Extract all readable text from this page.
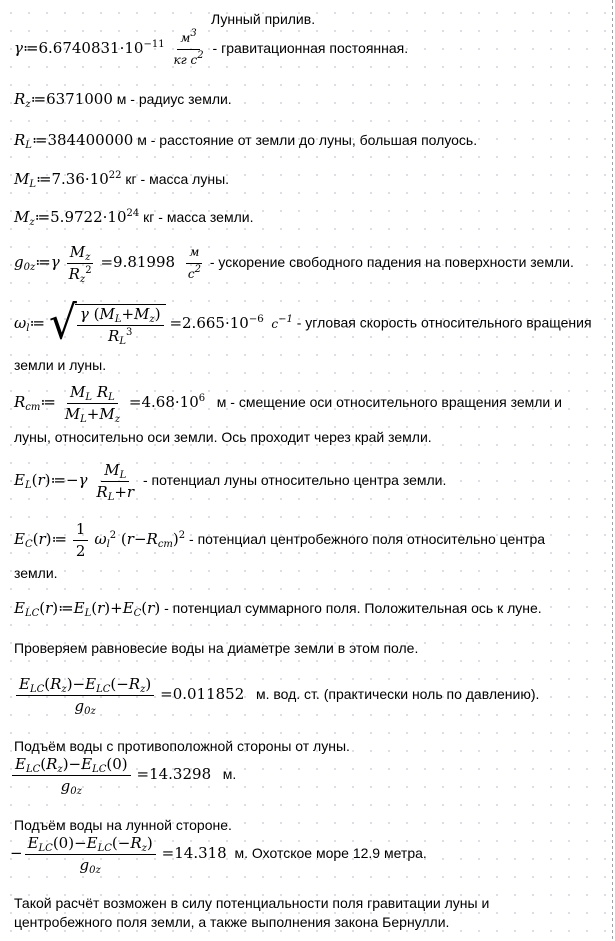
Лунный прилив.
$\gamma≔6.6740831\cdot 10^{-11} \frac{м^3}{кг с^2}$ - гравитационная постоянная.
$R_z≔6371000$ м - радиус земли.
$R_L≔384400000$ м - расстояние от земли до луны, большая полуось.
$M_L≔7.36\cdot 10^{22}$ кг - масса луны.
$M_z≔5.9722\cdot 10^{24}$ кг - масса земли.
$g_{0z}≔\gamma \frac{M_z}{R_z^2} =9.81998 \frac{м}{с^2}$ - ускорение свободного падения на поверхности земли.
$\omega_l≔$ √ $\frac{\gamma (M_L+M_z)}{R_L^3} =2.665\cdot 10^{-6}$ $с^{-1}$ - угловая скорость относительного вращения
земли и луны.
$R_{cm}≔ \frac{M_L R_L}{M_L+M_z} =4.68\cdot 10^6$ м - смещение оси относительного вращения земли и
луны, относительно оси земли. Ось проходит через край земли.
$E_L(r)≔-\gamma \frac{M_L}{R_L+r}$ - потенциал луны относительно центра земли.
$E_C(r)≔ \frac{1}{2} \omega_l^2$ $(r-R_{cm})^2$ - потенциал центробежного поля относительно центра
земли.
$E_{LC}(r)≔E_L(r)+E_C(r)$ - потенциал суммарного поля. Положительная ось к луне.
Проверяем равновесие воды на диаметре земли в этом поле.
$\frac{E_{LC}(R_z)-E_{LC}(-R_z)}{g_{0z}} =0.011852$ м. вод. ст. (практически ноль по давлению).
Подъём воды с противоположной стороны от луны.
$\frac{E_{LC}(R_z)-E_{LC}(0)}{g_{0z}} =14.3298$ м.
Подъём воды на лунной стороне.
− $\frac{E_{LC}(0)-E_{LC}(-R_z)}{g_{0z}} =14.318$ м. Охотское море 12.9 метра.
Такой расчёт возможен в силу потенциальности поля гравитации луны и
центробежного поля земли, а также выполнения закона Бернулли.
